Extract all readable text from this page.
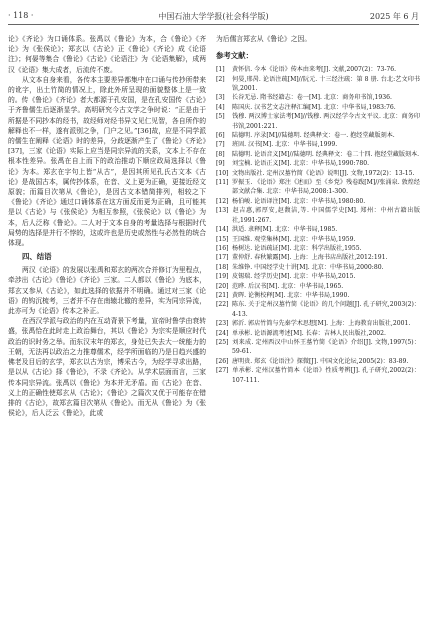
· 118 ·	中国石油大学学报(社会科学版)	2025 年 6 月

论》《齐论》为口诵体系。张禹以《鲁论》为本，合《鲁论》《齐论》为《张侯论》；郑玄以《古论》正《鲁论》《齐论》成《论语注》；何晏等集合《鲁论》《古论》《论语注》为《论语集解》，成两汉《论语》集大成者，后流传不废。

从文本自身来看，各传本主要差异都集中在口诵与传抄所带来的讹字，出土竹简的情况上，除此外所呈现的面貌整体上是一致的。传《鲁论》《齐论》者大都源于孔安国，是在孔安国传《古论》于齐鲁儒生后逐渐显学。高明研究今古文学之争时说：“正是由于所据是不同抄本的经书，故经师对经书异文见仁见智，各自所作的解释也不一样，遂有派别之争，门户之见。”[36]故，应是不同学派的儒生在阐释《论语》时的差异，分歧逐渐产生了《鲁论》《齐论》[37]，三家《论语》实际上应当是同宗异流的关系，文本上不存在根本性差异。张禹在自上而下的政治推动下顺应政局选择以《鲁论》为本。郑玄在字句上皆“从古”，是因其所见孔氏古文本《古论》是战国古本，属传抄体系，在音、义上更为正确，更接近经文原貌；而篇目次第从《鲁论》，是因古文本错简排列，相较之下《鲁论》《齐论》通过口诵体系在这方面反而更为正确，且可能其是以《古论》与《张侯论》为相互参照，《张侯论》以《鲁论》为本，后人泛称《鲁论》。二人对于文本自身的考量选择与根据时代局势的选择是并行不悖的，这或许也是历史或然性与必然性的统合体现。

四、结语

两汉《论语》的发展以张禹和郑玄的两次合并修订为里程点，牵涉出《古论》《鲁论》《齐论》三家。二人都以《鲁论》为底本，郑玄又参从《古论》，如此选择的依据并不明确。通过对三家《论语》的钩沉梳考，三者并不存在南辕北辙的差异，实为同宗异流，此亦可为《论语》传本之补正。

在西汉学派与政治的内在互动背景下考量，宣帝时鲁学由衰转盛，张禹恰在此时走上政治舞台，其以《鲁论》为宗实是顺应时代政治的识时务之举。而东汉末年的郑玄，身处已失去大一统能力的王朝，无法再以政治之力推尊儒术，经学所面临的乃是日趋兴盛的佛老及目后的玄学，郑玄以古为宗，博采古今，为经学寻求出路，是以从《古论》择《鲁论》，不录《齐论》。从学术层面而言，三家传本同宗异流。张禹以《鲁论》为本并无矛盾。而《古论》在音、义上的正确性使郑玄从《古论》；《鲁论》之篇次又优于可能存在错排的《古论》，故郑玄篇目次第从《鲁论》。而无从《鲁论》为《张侯论》，后人泛云《鲁论》，此或

为后儒言郑玄从《鲁论》之因。

参考文献：
[1] 黄怀信. 今本《论语》传本由来考[J]. 文献,2007(2)：73-76.
[2] 何晏,邢昺. 论语注疏[M]//阮元. 十三经注疏：第 8 册. 台北:艺文印书馆,2001.
[3] 长谷无忌. 隋书经籍志：卷一[M]. 北京：商务印书馆,1936.
[4] 陈国庆. 汉书艺文志注释汇编[M]. 北京：中华书局,1983:76.
[5] 钱穆. 两汉博士家法考[M]//钱穆. 两汉经学今古文平议. 北京：商务印书馆,2001:221.
[6] 陆德明. 序录[M]//陆德明. 经典释文：卷一. 抱经堂藏版刻本.
[7] 班固. 汉书[M]. 北京：中华书局,1999.
[8] 陆德明. 论语音义[M]//陆德明. 经典释文：卷二十四. 抱经堂藏版刻本.
[9] 刘宝楠. 论语正义[M]. 北京：中华书局,1990:780.
[10] 文物出版社. 定州汉墓竹简《论语》说明[J]. 文物,1972(2)：13-15.
[11] 罗振玉. 《论语》郑注《述而》至《乡党》残卷跋[M]//张涌泉. 敦煌经部文献合集. 北京：中华书局,2008:1-300.
[12] 杨伯峻. 论语译注[M]. 北京：中华书局,1980:80.
[13] 赵吉惠,郭厚安,赵馥洁,等. 中国儒学史[M]. 郑州：中州古籍出版社,1991:267.
[14] 洪适. 隶释[M]. 北京：中华书局,1985.
[15] 王国维. 观堂集林[M]. 北京：中华书局,1959.
[16] 杨树达. 论语疏证[M]. 北京：科学出版社,1955.
[17] 董仲舒. 春秋繁露[M]. 上海：上海书店出版社,2012:191.
[18] 朱维铮. 中国经学史十讲[M]. 北京：中华书局,2000:80.
[19] 皮锡瑞. 经学历史[M]. 北京：中华书局,2015.
[20] 范晔. 后汉书[M]. 北京：中华书局,1965.
[21] 黄晖. 论衡校释[M]. 北京：中华书局,1990.
[22] 陈东. 关于定州汉墓竹简《论语》的几个问题[J]. 孔子研究,2003(2)：4-13.
[23] 郭沂. 郭店竹简与先秦学术思想[M]. 上海：上海教育出版社,2001.
[24] 单承彬. 论语源流考述[M]. 长春：吉林人民出版社,2002.
[25] 刘来成. 定州西汉中山怀王墓竹简《论语》介绍[J]. 文物,1997(5)：59-61.
[26] 唐明贵. 郑玄《论语注》探微[J]. 中国文化论坛,2005(2)：83-89.
[27] 单承彬. 定州汉墓竹简本《论语》性质考辨[J]. 孔子研究,2002(2)：107-111.
